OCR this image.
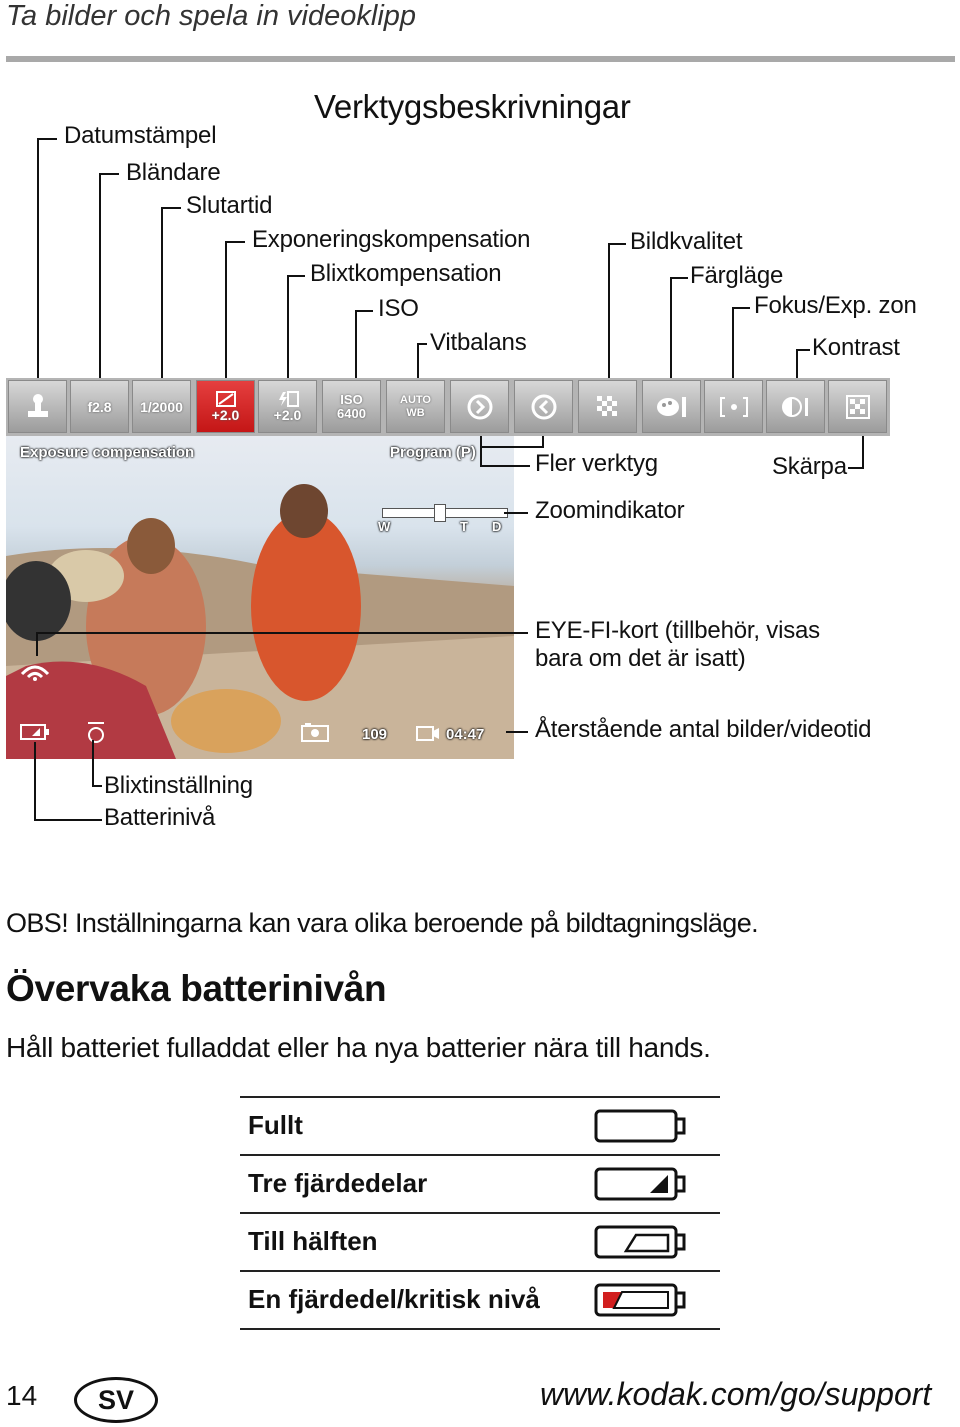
Ta bilder och spela in videoklipp
Verktygsbeskrivningar
Datumstämpel
Bländare
Slutartid
Exponeringskompensation
Blixtkompensation
ISO
Vitbalans
Bildkvalitet
Färgläge
Fokus/Exp. zon
Kontrast
f2.8	1/2000	+2.0 +2.0
ISO
6400
AUTO
WB
Exposure compensation	Program (P)
W	T D
109	04:47
Fler verktyg	Skärpa
Zoomindikator
EYE-FI-kort (tillbehör, visas
bara om det är isatt)
Återstående antal bilder/videotid
Blixtinställning
Batterinivå
OBS! Inställningarna kan vara olika beroende på bildtagningsläge.
Övervaka batterinivån
Håll batteriet fulladdat eller ha nya batterier nära till hands.
Fullt
Tre fjärdedelar
Till hälften
En fjärdedel/kritisk nivå
14	SV	www.kodak.com/go/support
